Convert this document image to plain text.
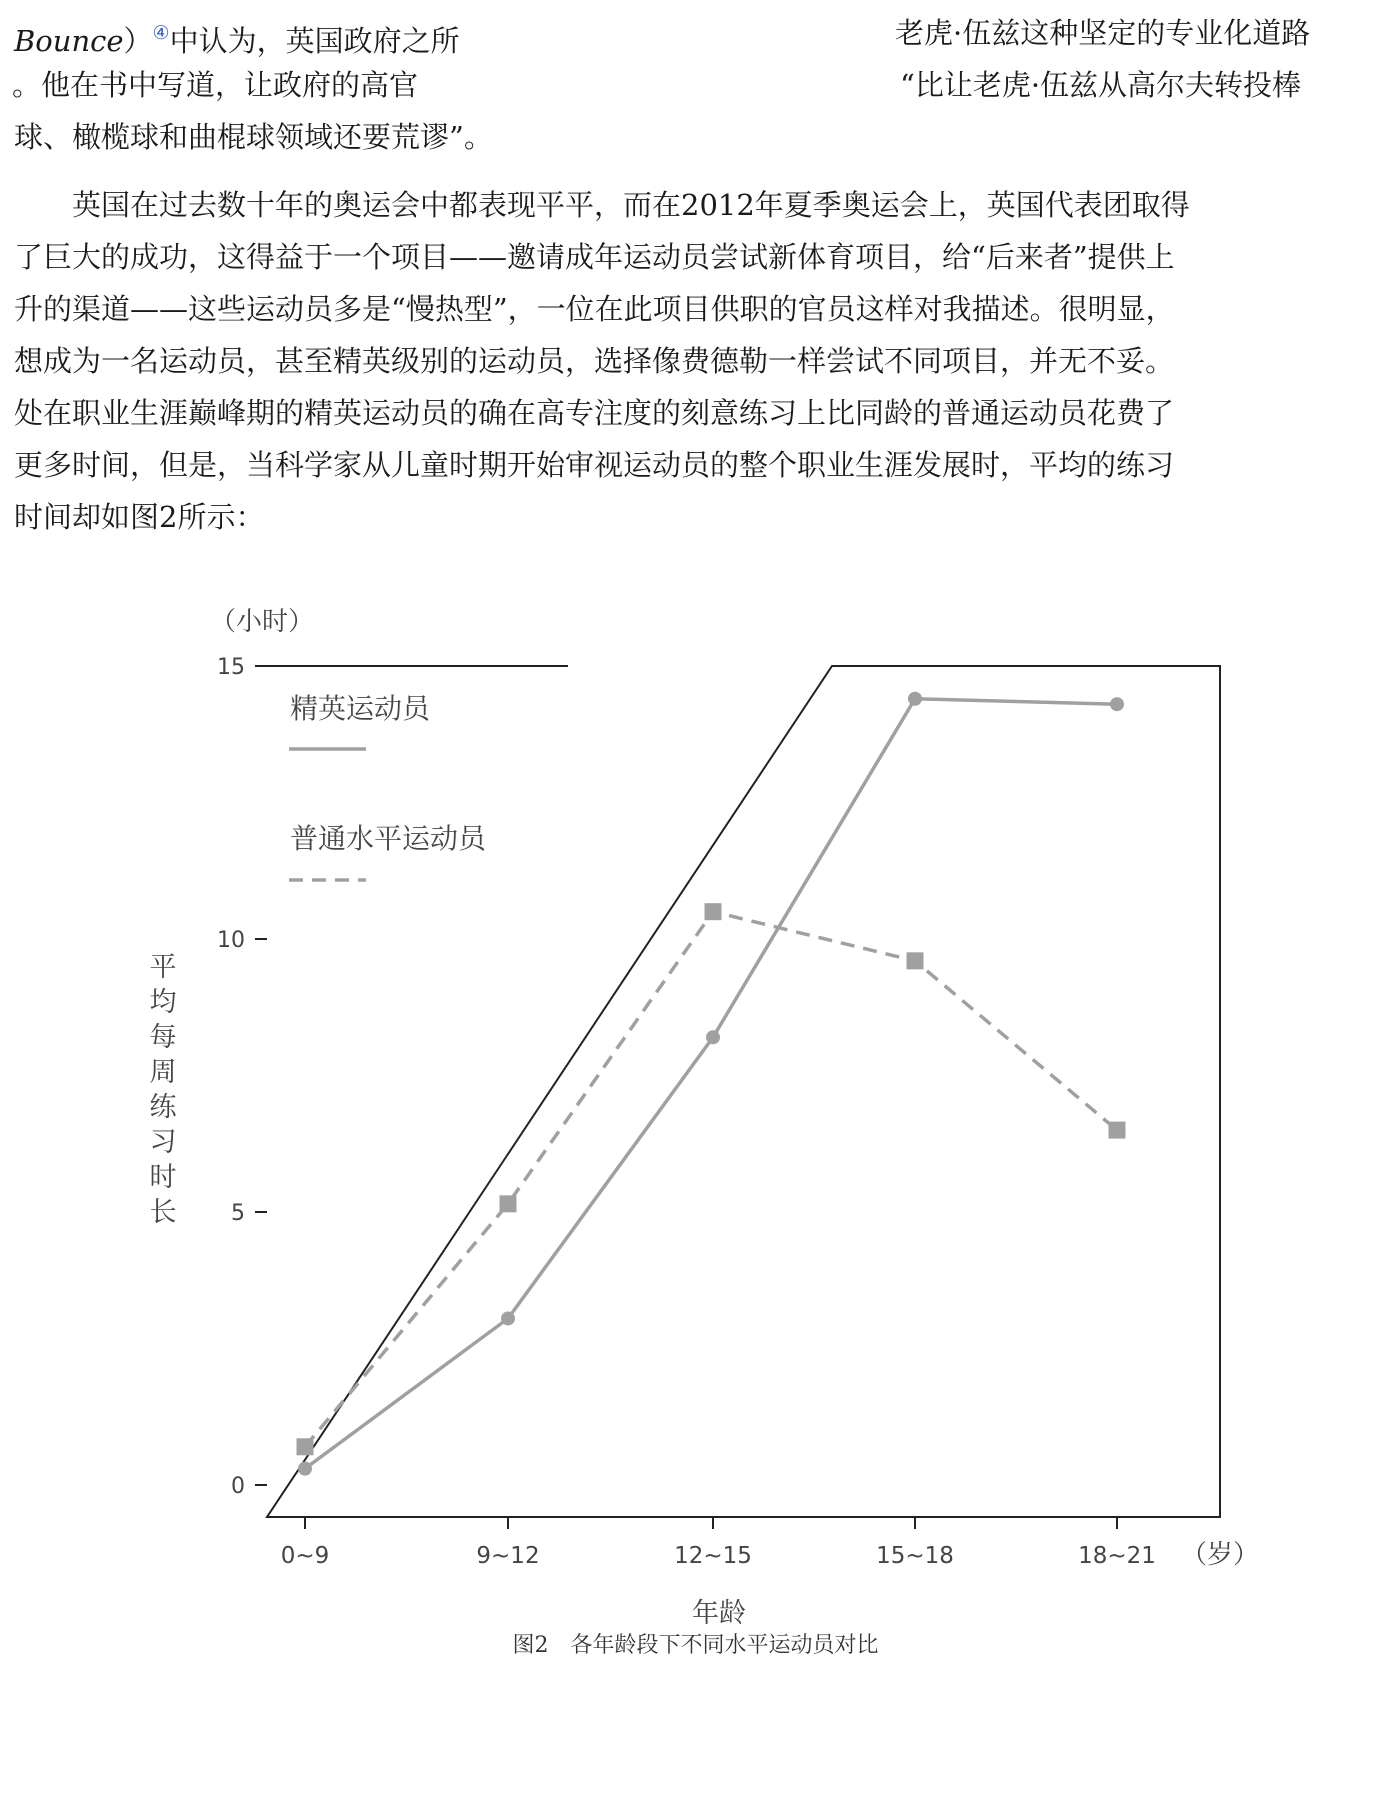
Bounce）④中认为，英国政府之所	老虎·伍兹这种坚定的专业化道路
。他在书中写道，让政府的高官	“比让老虎·伍兹从高尔夫转投棒
球、橄榄球和曲棍球领域还要荒谬”。
　　英国在过去数十年的奥运会中都表现平平，而在2012年夏季奥运会上，英国代表团取得
了巨大的成功，这得益于一个项目——邀请成年运动员尝试新体育项目，给“后来者”提供上
升的渠道——这些运动员多是“慢热型”，一位在此项目供职的官员这样对我描述。很明显，
想成为一名运动员，甚至精英级别的运动员，选择像费德勒一样尝试不同项目，并无不妥。
处在职业生涯巅峰期的精英运动员的确在高专注度的刻意练习上比同龄的普通运动员花费了
更多时间，但是，当科学家从儿童时期开始审视运动员的整个职业生涯发展时，平均的练习
时间却如图2所示：
0
5
10
15
0~9	9~12	12~15	15~18	18~21
（小时）
（岁）
平均每周练习时长
年龄
精英运动员
普通水平运动员
图2　各年龄段下不同水平运动员对比
